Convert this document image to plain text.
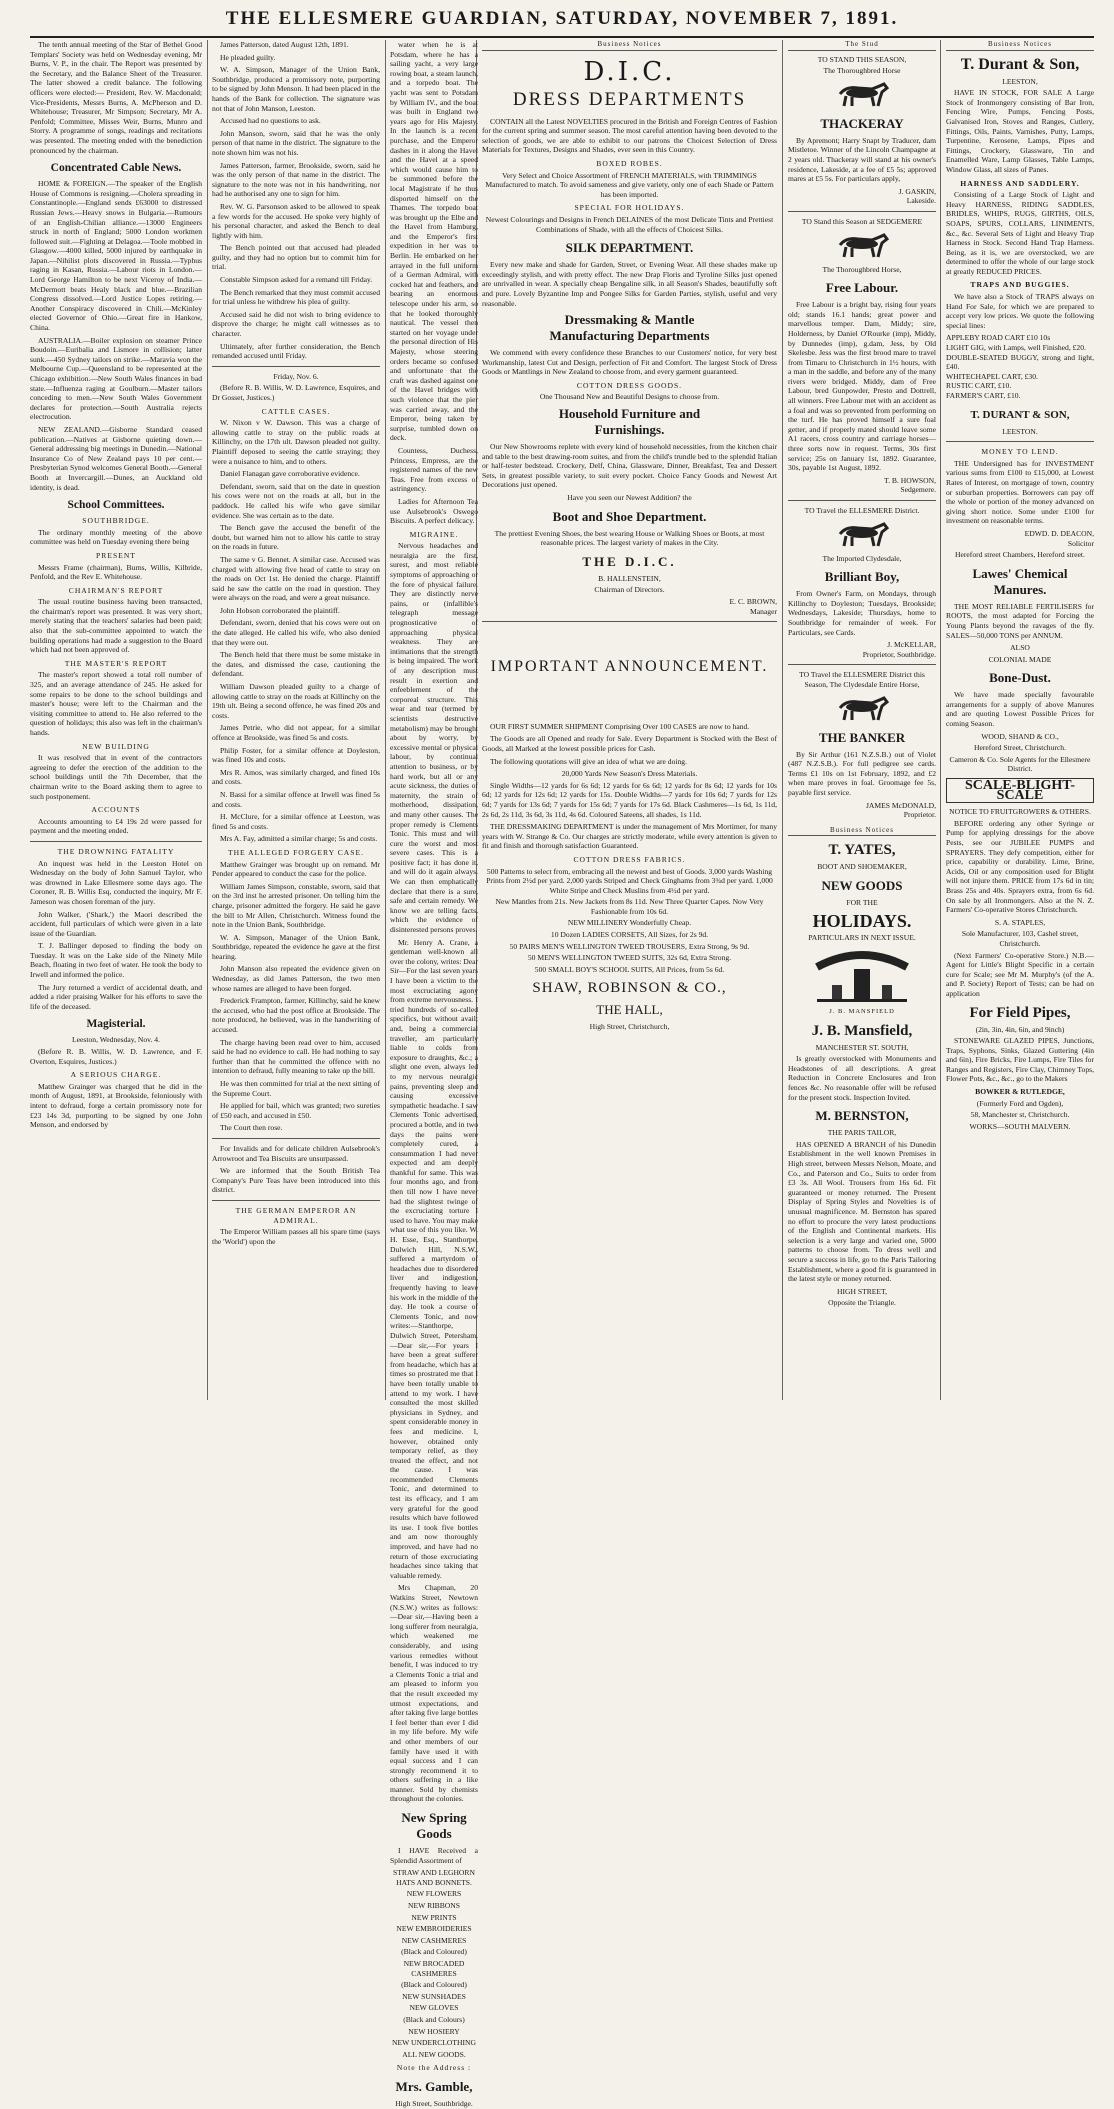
THE ELLESMERE GUARDIAN, SATURDAY, NOVEMBER 7, 1891.

The tenth annual meeting of the Star of Bethel Good Templars' Society was held on Wednesday evening, Mr Burns, V. P., in the chair. The Report was presented by the Secretary, and the Balance Sheet of the Treasurer. The latter showed a credit balance. The following officers were elected:— President, Rev. W. Macdonald; Vice-Presidents, Messrs Burns, A. McPherson and D. Whitehouse; Treasurer, Mr Simpson; Secretary, Mr A. Penfold; Committee, Misses Weir, Burns, Munro and Storry. A programme of songs, readings and recitations was presented. The meeting ended with the benediction pronounced by the chairman.

Concentrated Cable News.

HOME & FOREIGN.—The speaker of the English House of Commons is resigning.—Cholera spreading in Constantinople.—England sends £63000 to distressed Russian Jews.—Heavy snows in Bulgaria.—Rumours of an English-Chilian alliance.—13000 Engineers struck in north of England; 5000 London workmen followed suit.—Fighting at Delagoa.—Toole mobbed in Glasgow.—4000 killed, 5000 injured by earthquake in Japan.—Nihilist plots discovered in Russia.—Typhus raging in Kasan, Russia.—Labour riots in London.—Lord George Hamilton to be next Viceroy of India.—McDermott beats Healy black and blue.—Brazilian Congress dissolved.—Lord Justice Lopes retiring.—Another Conspiracy discovered in Chili.—McKinley elected Governor of Ohio.—Great fire in Hankow, China.

AUSTRALIA.—Boiler explosion on steamer Prince Boudoin.—Euribalia and Lismore in collision; latter sunk.—450 Sydney tailors on strike.—Maravia won the Melbourne Cup.—Queensland to be represented at the Chicago exhibition.—New South Wales finances in bad state.—Influenza raging at Goulburn.—Master tailors conceding to men.—New South Wales Government declares for protection.—South Australia rejects electrocution.

NEW ZEALAND.—Gisborne Standard ceased publication.—Natives at Gisborne quieting down.—General addressing big meetings in Dunedin.—National Insurance Co of New Zealand pays 10 per cent.—Presbyterian Synod welcomes General Booth.—General Booth at Invercargill.—Dunes, an Auckland old identity, is dead.

School Committees.
SOUTHBRIDGE.

The ordinary monthly meeting of the above committee was held on Tuesday evening there being

PRESENT

Messrs Frame (chairman), Burns, Willis, Kilbride, Penfold, and the Rev E. Whitehouse.

CHAIRMAN'S REPORT

The usual routine business having been transacted, the chairman's report was presented. It was very short, merely stating that the teachers' salaries had been paid; also that the sub-committee appointed to watch the building operations had made a suggestion to the Board which had not been approved of.

THE MASTER'S REPORT

The master's report showed a total roll number of 325, and an average attendance of 245. He asked for some repairs to be done to the school buildings and master's house; were left to the Chairman and the visiting committee to attend to. He also referred to the question of holidays; this also was left in the chairman's hands.

NEW BUILDING

It was resolved that in event of the contractors agreeing to defer the erection of the addition to the school buildings until the 7th December, that the chairman write to the Board asking them to agree to such postponement.

ACCOUNTS

Accounts amounting to £4 19s 2d were passed for payment and the meeting ended.

THE DROWNING FATALITY

An inquest was held in the Leeston Hotel on Wednesday on the body of John Samuel Taylor, who was drowned in Lake Ellesmere some days ago. The Coroner, R. B. Willis Esq, conducted the inquiry, Mr F. Jameson was chosen foreman of the jury.

John Walker, ('Shark,') the Maori described the accident, full particulars of which were given in a late issue of the Guardian.

T. J. Ballinger deposed to finding the body on Tuesday. It was on the Lake side of the Ninety Mile Beach, floating in two feet of water. He took the body to Irwell and informed the police.

The Jury returned a verdict of accidental death, and added a rider praising Walker for his efforts to save the life of the deceased.

Magisterial.
Leeston, Wednesday, Nov. 4.

(Before R. B. Willis, W. D. Lawrence, and F. Overton, Esquires, Justices.)

A SERIOUS CHARGE.

Matthew Grainger was charged that he did in the month of August, 1891, at Brookside, feloniously with intent to defraud, forge a certain promissory note for £23 14s 3d, purporting to be signed by one John Menson, and endorsed by

James Patterson, dated August 12th, 1891.

He pleaded guilty.

W. A. Simpson, Manager of the Union Bank, Southbridge, produced a promissory note, purporting to be signed by John Menson. It had been placed in the hands of the Bank for collection. The signature was not that of John Manson, Leeston.

Accused had no questions to ask.

John Manson, sworn, said that he was the only person of that name in the district. The signature to the note shown him was not his.

James Patterson, farmer, Brookside, sworn, said he was the only person of that name in the district. The signature to the note was not in his handwriting, nor had he authorised any one to sign for him.

Rev. W. G. Parsonson asked to be allowed to speak a few words for the accused. He spoke very highly of his personal character, and asked the Bench to deal lightly with him.

The Bench pointed out that accused had pleaded guilty, and they had no option but to commit him for trial.

Constable Simpson asked for a remand till Friday.

The Bench remarked that they must commit accused for trial unless he withdrew his plea of guilty.

Accused said he did not wish to bring evidence to disprove the charge; he might call witnesses as to character.

Ultimately, after further consideration, the Bench remanded accused until Friday.

Friday, Nov. 6.

(Before R. B. Willis, W. D. Lawrence, Esquires, and Dr Gosset, Justices.)

CATTLE CASES.

W. Nixon v W. Dawson. This was a charge of allowing cattle to stray on the public roads at Killinchy, on the 17th ult. Dawson pleaded not guilty. Plaintiff deposed to seeing the cattle straying; they were a nuisance to him, and to others.

Daniel Flanagan gave corroborative evidence.

Defendant, sworn, said that on the date in question his cows were not on the roads at all, but in the paddock. He called his wife who gave similar evidence. She was certain as to the date.

The Bench gave the accused the benefit of the doubt, but warned him not to allow his cattle to stray on the roads in future.

The same v G. Bennet. A similar case. Accused was charged with allowing five head of cattle to stray on the roads on Oct 1st. He denied the charge. Plaintiff said he saw the cattle on the road in question. They were always on the road, and were a great nuisance.

John Hobson corroborated the plaintiff.

Defendant, sworn, denied that his cows were out on the date alleged. He called his wife, who also denied that they were out.

The Bench held that there must be some mistake in the dates, and dismissed the case, cautioning the defendant.

William Dawson pleaded guilty to a charge of allowing cattle to stray on the roads at Killinchy on the 19th ult. Being a second offence, he was fined 20s and costs.

James Petrie, who did not appear, for a similar offence at Brookside, was fined 5s and costs.

Philip Foster, for a similar offence at Doyleston, was fined 10s and costs.

Mrs R. Amos, was similarly charged, and fined 10s and costs.

N. Bassi for a similar offence at Irwell was fined 5s and costs.

H. McClure, for a similar offence at Leeston, was fined 5s and costs.

Mrs A. Fay, admitted a similar charge; 5s and costs.

THE ALLEGED FORGERY CASE.

Matthew Grainger was brought up on remand. Mr Pender appeared to conduct the case for the police.

William James Simpson, constable, sworn, said that on the 3rd inst he arrested prisoner. On telling him the charge, prisoner admitted the forgery. He said he gave the bill to Mr Allen, Christchurch. Witness found the note in the Union Bank, Southbridge.

W. A. Simpson, Manager of the Union Bank, Southbridge, repeated the evidence he gave at the first hearing.

John Manson also repeated the evidence given on Wednesday, as did James Patterson, the two men whose names are alleged to have been forged.

Frederick Frampton, farmer, Killinchy, said he knew the accused, who had the post office at Brookside. The note produced, he believed, was in the handwriting of accused.

The charge having been read over to him, accused said he had no evidence to call. He had nothing to say further than that he committed the offence with no intention to defraud, fully meaning to take up the bill.

He was then committed for trial at the next sitting of the Supreme Court.

He applied for bail, which was granted; two sureties of £50 each, and accused in £50.

The Court then rose.

For Invalids and for delicate children Aulsebrook's Arrowroot and Tea Biscuits are unsurpassed.

We are informed that the South British Tea Company's Pure Teas have been introduced into this district.

THE GERMAN EMPEROR AN ADMIRAL.

The Emperor William passes all his spare time (says the 'World') upon the

water when he is at Potsdam, where he has a sailing yacht, a very large rowing boat, a steam launch, and a torpedo boat. The yacht was sent to Potsdam by William IV., and the boat was built in England two years ago for His Majesty. In the launch is a recent purchase, and the Emperor dashes in it along the Havel and the Havel at a speed which would cause him to be summoned before the local Magistrate if he thus disported himself on the Thames. The torpedo boat was brought up the Elbe and the Havel from Hamburg, and the Emperor's first expedition in her was to Berlin. He embarked on her arrayed in the full uniform of a German Admiral, with cocked hat and feathers, and bearing an enormous telescope under his arm, so that he looked thoroughly nautical. The vessel then started on her voyage under the personal direction of His Majesty, whose steering orders became so confused and unfortunate that the craft was dashed against one of the Havel bridges with such violence that the pier was carried away, and the Emperor, being taken by surprise, tumbled down on deck.

Countess, Duchess, Princess, Empress, are the registered names of the new Teas. Free from excess of astringency.

Ladies for Afternoon Tea use Aulsebrook's Oswego Biscuits. A perfect delicacy.

MIGRAINE.

Nervous headaches and neuralgia are the first, surest, and most reliable symptoms of approaching or the fore of physical failure. They are distinctly nerve pains, or (infallible's telegraph message prognosticative of approaching physical weakness. They are intimations that the strength is being impaired. The work of any description must result in exertion and enfeeblement of the corporeal structure. This wear and tear (termed by scientists destructive metabolism) may be brought about by worry, by excessive mental or physical labour, by continual attention to business, or by hard work, but all or any acute sickness, the duties of maternity, the strain of motherhood, dissipation, and many other causes. The proper remedy is Clements Tonic. This must and will cure the worst and most severe cases. This is a positive fact; it has done it, and will do it again always. We can then emphatically declare that there is a sure, safe and certain remedy. We know we are telling facts, which the evidence of disinterested persons proves.

Mr. Henry A. Crane, a gentleman well-known all over the colony, writes: Dear Sir—For the last seven years I have been a victim to the most excruciating agony from extreme nervousness. I tried hundreds of so-called specifics, but without avail; and, being a commercial traveller, am particularly liable to colds from exposure to draughts, &c.; a slight one even, always led to my nervous neuralgic pains, preventing sleep and causing excessive sympathetic headache. I saw Clements Tonic advertised, procured a bottle, and in two days the pains were completely cured, a consummation I had never expected and am deeply thankful for same. This was four months ago, and from then till now I have never had the slightest twinge of the excruciating torture I used to have. You may make what use of this you like. W. H. Esse, Esq., Stanthorpe, Dulwich Hill, N.S.W., suffered a martyrdom of headaches due to disordered liver and indigestion, frequently having to leave his work in the middle of the day. He took a course of Clements Tonic, and now writes:—Stanthorpe, Dulwich Street, Petersham.—Dear sir,—For years I have been a great sufferer from headache, which has at times so prostrated me that I have been totally unable to attend to my work. I have consulted the most skilled physicians in Sydney, and spent considerable money in fees and medicine. I, however, obtained only temporary relief, as they treated the effect, and not the cause. I was recommended Clements Tonic, and determined to test its efficacy, and I am very grateful for the good results which have followed its use. I took five bottles and am now thoroughly improved, and have had no return of those excruciating headaches since taking that valuable remedy.

Mrs Chapman, 20 Watkins Street, Newtown (N.S.W.) writes as follows:—Dear sir,—Having been a long sufferer from neuralgia, which weakened me considerably, and using various remedies without benefit, I was induced to try a Clements Tonic a trial and am pleased to inform you that the result exceeded my utmost expectations, and after taking five large bottles I feel better than ever I did in my life before. My wife and other members of our family have used it with equal success and I can strongly recommend it to others suffering in a like manner. Sold by chemists throughout the colonies.

New Spring Goods

I HAVE Received a Splendid Assortment of

STRAW AND LEGHORN HATS AND BONNETS.
NEW FLOWERS
NEW RIBBONS
NEW PRINTS
NEW EMBROIDERIES
NEW CASHMERES
(Black and Coloured)
NEW BROCADED CASHMERES
(Black and Coloured)
NEW SUNSHADES
NEW GLOVES
(Black and Colours)
NEW HOSIERY
NEW UNDERCLOTHING
ALL NEW GOODS.
Note the Address :
Mrs. Gamble,
High Street, Southbridge.
Business Notices
D.I.C.
DRESS DEPARTMENTS

CONTAIN all the Latest NOVELTIES procured in the British and Foreign Centres of Fashion for the current spring and summer season. The most careful attention having been devoted to the selection of goods, we are able to exhibit to our patrons the Choicest Selection of Dress Materials for Textures, Designs and Shades, ever seen in this Country.

BOXED ROBES.
Very Select and Choice Assortment of FRENCH MATERIALS, with TRIMMINGS Manufactured to match. To avoid sameness and give variety, only one of each Shade or Pattern has been imported.
SPECIAL FOR HOLIDAYS.
Newest Colourings and Designs in French DELAINES of the most Delicate Tints and Prettiest Combinations of Shade, with all the effects of Choicest Silks.
SILK DEPARTMENT.

Every new make and shade for Garden, Street, or Evening Wear. All these shades make up exceedingly stylish, and with pretty effect. The new Drap Floris and Tyroline Silks just opened are unrivalled in wear. A specially cheap Bengaline silk, in all Season's Shades, beautifully soft and pure. Lovely Byzantine Imp and Pongee Silks for Garden Parties, stylish, useful and very reasonable.

Dressmaking & Mantle
Manufacturing Departments

We commend with every confidence these Branches to our Customers' notice, for very best Workmanship, latest Cut and Design, perfection of Fit and Comfort. The largest Stock of Dress Goods or Mantlings in New Zealand to choose from, and every garment guaranteed.

COTTON DRESS GOODS.
One Thousand New and Beautiful Designs to choose from.
Household Furniture and
Furnishings.

Our New Showrooms replete with every kind of household necessities, from the kitchen chair and table to the best drawing-room suites, and from the child's trundle bed to the splendid Italian or half-tester bedstead. Crockery, Delf, China, Glassware, Dinner, Breakfast, Tea and Dessert Sets, in greatest possible variety, to suit every pocket. Choice Fancy Goods and Newest Art Decorations just opened.

Have you seen our Newest Addition? the
Boot and Shoe Department.
The prettiest Evening Shoes, the best wearing House or Walking Shoes or Boots, at most reasonable prices. The largest variety of makes in the City.
THE D.I.C.
B. HALLENSTEIN,
Chairman of Directors.
E. C. BROWN,
Manager
IMPORTANT ANNOUNCEMENT.

OUR FIRST SUMMER SHIPMENT Comprising Over 100 CASES are now to hand.

The Goods are all Opened and ready for Sale. Every Department is Stocked with the Best of Goods, all Marked at the lowest possible prices for Cash.

The following quotations will give an idea of what we are doing.

20,000 Yards New Season's Dress Materials.

Single Widths—12 yards for 6s 6d; 12 yards for 6s 6d; 12 yards for 8s 6d; 12 yards for 10s 6d; 12 yards for 12s 6d; 12 yards for 15s. Double Widths—7 yards for 10s 6d; 7 yards for 12s 6d; 7 yards for 13s 6d; 7 yards for 15s 6d; 7 yards for 17s 6d. Black Cashmeres—1s 6d, 1s 11d, 2s 6d, 2s 11d, 3s 6d, 3s 11d, 4s 6d. Coloured Sateens, all shades, 1s 11d.

THE DRESSMAKING DEPARTMENT is under the management of Mrs Mortimer, for many years with W. Strange & Co. Our charges are strictly moderate, while every attention is given to fit and finish and thorough satisfaction Guaranteed.

COTTON DRESS FABRICS.
500 Patterns to select from, embracing all the newest and best of Goods. 3,000 yards Washing Prints from 2½d per yard. 2,000 yards Striped and Check Ginghams from 3¾d per yard. 1,000 White Stripe and Check Muslins from 4½d per yard.
New Mantles from 21s. New Jackets from 8s 11d. New Three Quarter Capes. Now Very Fashionable from 10s 6d.
NEW MILLINERY Wonderfully Cheap.
10 Dozen LADIES CORSETS, All Sizes, for 2s 9d.
50 PAIRS MEN'S WELLINGTON TWEED TROUSERS, Extra Strong, 9s 9d.
50 MEN'S WELLINGTON TWEED SUITS, 32s 6d, Extra Strong.
500 SMALL BOY'S SCHOOL SUITS, All Prices, from 5s 6d.
SHAW, ROBINSON & CO.,
THE HALL,
High Street, Christchurch,
The Stud
TO STAND THIS SEASON,
The Thoroughbred Horse
THACKERAY

By Apremont; Harry Snapt by Traducer, dam Mistletoe. Winner of the Lincoln Champagne at 2 years old. Thackeray will stand at his owner's residence, Lakeside, at a fee of £5 5s; approved mares at £5 5s. For particulars apply,

J. GASKIN,
Lakeside.
TO Stand this Season at SEDGEMERE
The Thoroughbred Horse,
Free Labour.

Free Labour is a bright bay, rising four years old; stands 16.1 hands; great power and marvellous temper. Dam, Middy; sire, Holderness, by Daniel O'Rourke (imp), Middy, by Dunnedes (imp), g.dam, Jess, by Old Skelesbe. Jess was the first brood mare to travel from Timaru to Christchurch in 1½ hours, with a man in the saddle, and before any of the many rivers were bridged. Middy, dam of Free Labour, bred Gunpowder, Presto and Dottrell, all winners. Free Labour met with an accident as a foal and was so prevented from performing on the turf. He has proved himself a sure foal getter, and if properly mated should leave some A1 racers, cross country and carriage horses—three sorts now in request. Terms, 30s first service; 25s on January 1st, 1892. Guarantee, 30s, payable 1st August, 1892.

T. B. HOWSON,
Sedgemere.
TO Travel the ELLESMERE District.
The Imported Clydesdale,
Brilliant Boy,

From Owner's Farm, on Mondays, through Killinchy to Doyleston; Tuesdays, Brookside; Wednesdays, Lakeside; Thursdays, home to Southbridge for remainder of week. For Particulars, see Cards.

J. McKELLAR,
Proprietor, Southbridge.
TO Travel the ELLESMERE District this Season, The Clydesdale Entire Horse,
THE BANKER

By Sir Arthur (161 N.Z.S.B.) out of Violet (487 N.Z.S.B.). For full pedigree see cards. Terms £1 10s on 1st February, 1892, and £2 when mare proves in foal. Groomage fee 5s, payable first service.

JAMES McDONALD,
Proprietor.
Business Notices
T. YATES,
BOOT AND SHOEMAKER,
NEW GOODS
FOR THE
HOLIDAYS.
PARTICULARS IN NEXT ISSUE.
J. B. MANSFIELD
J. B. Mansfield,
MANCHESTER ST. SOUTH,

Is greatly overstocked with Monuments and Headstones of all descriptions. A great Reduction in Concrete Enclosures and Iron fences &c. No reasonable offer will be refused for the present stock. Inspection Invited.

M. BERNSTON,
THE PARIS TAILOR,

HAS OPENED A BRANCH of his Dunedin Establishment in the well known Premises in High street, between Messrs Nelson, Moate, and Co., and Paterson and Co., Suits to order from £3 3s. All Wool. Trousers from 16s 6d. Fit guaranteed or money returned. The Present Display of Spring Styles and Novelties is of unusual magnificence. M. Bernston has spared no effort to procure the very latest productions of the English and Continental markets. His selection is a very large and varied one, 5000 patterns to choose from. To dress well and secure a success in life, go to the Paris Tailoring Establishment, where a good fit is guaranteed in the latest style or money returned.

HIGH STREET,
Opposite the Triangle.
Business Notices
T. Durant & Son,
LEESTON,

HAVE IN STOCK, FOR SALE A Large Stock of Ironmongery consisting of Bar Iron, Fencing Wire, Pumps, Fencing Posts, Galvanised Iron, Stoves and Ranges, Cutlery, Fittings, Oils, Paints, Varnishes, Putty, Lamps, Turpentine, Kerosene, Lamps, Pipes and Fittings, Crockery, Glassware, Tin and Enamelled Ware, Lamp Glasses, Table Lamps, Window Glass, all sizes of Panes.

HARNESS AND SADDLERY.

Consisting of a Large Stock of Light and Heavy HARNESS, RIDING SADDLES, BRIDLES, WHIPS, RUGS, GIRTHS, OILS, SOAPS, SPURS, COLLARS, LINIMENTS, &c., &c. Several Sets of Light and Heavy Trap Harness in Stock. Second Hand Trap Harness. Being, as it is, we are overstocked, we are determined to offer the whole of our large stock at greatly REDUCED PRICES.

TRAPS AND BUGGIES.

We have also a Stock of TRAPS always on Hand For Sale, for which we are prepared to accept very low prices. We quote the following special lines:

APPLEBY ROAD CART £10 10s
LIGHT GIG, with Lamps, well Finished, £20.
DOUBLE-SEATED BUGGY, strong and light, £40.
WHITECHAPEL CART, £30.
RUSTIC CART, £10.
FARMER'S CART, £10.
T. DURANT & SON,
LEESTON.
MONEY TO LEND.

THE Undersigned has for INVESTMENT various sums from £100 to £15,000, at Lowest Rates of Interest, on mortgage of town, country or suburban properties. Borrowers can pay off the whole or portion of the money advanced on giving short notice. Some under £100 for investment on reasonable terms.

EDWD. D. DEACON,
Solicitor
Hereford street Chambers, Hereford street.
Lawes' Chemical Manures.

THE MOST RELIABLE FERTILISERS for ROOTS, the most adapted for Forcing the Young Plants beyond the ravages of the fly. SALES—50,000 TONS per ANNUM.

ALSO
COLONIAL MADE
Bone-Dust.

We have made specially favourable arrangements for a supply of above Manures and are quoting Lowest Possible Prices for coming Season.

WOOD, SHAND & CO.,
Hereford Street, Christchurch.
Cameron & Co. Sole Agents for the Ellesmere District.
SCALE-BLIGHT-SCALE
NOTICE TO FRUITGROWERS & OTHERS.

BEFORE ordering any other Syringe or Pump for applying dressings for the above Pests, see our JUBILEE PUMPS and SPRAYERS. They defy competition, either for price, capability or durability. Lime, Brine, Acids, Oil or any composition used for Blight will not injure them. PRICE from 17s 6d in tin; Brass 25s and 40s. Sprayers extra, from 6s 6d. On sale by all Ironmongers. Also at the N. Z. Farmers' Co-operative Stores Christchurch.

S. A. STAPLES,
Sole Manufacturer, 103, Cashel street, Christchurch.

(Next Farmers' Co-operative Store.) N.B.—Agent for Little's Blight Specific in a certain cure for Scale; see Mr M. Murphy's (of the A. and P. Society) Report of Tests; can be had on application

For Field Pipes,
(2in, 3in, 4in, 6in, and 9inch)

STONEWARE GLAZED PIPES, Junctions, Traps, Syphons, Sinks, Glazed Guttering (4in and 6in), Fire Bricks, Fire Lumps, Fire Tiles for Ranges and Registers, Fire Clay, Chimney Tops, Flower Pots, &c., &c., go to the Makers

BOWKER & RUTLEDGE,
(Formerly Ford and Ogden),
58, Manchester st, Christchurch.
WORKS—SOUTH MALVERN.
